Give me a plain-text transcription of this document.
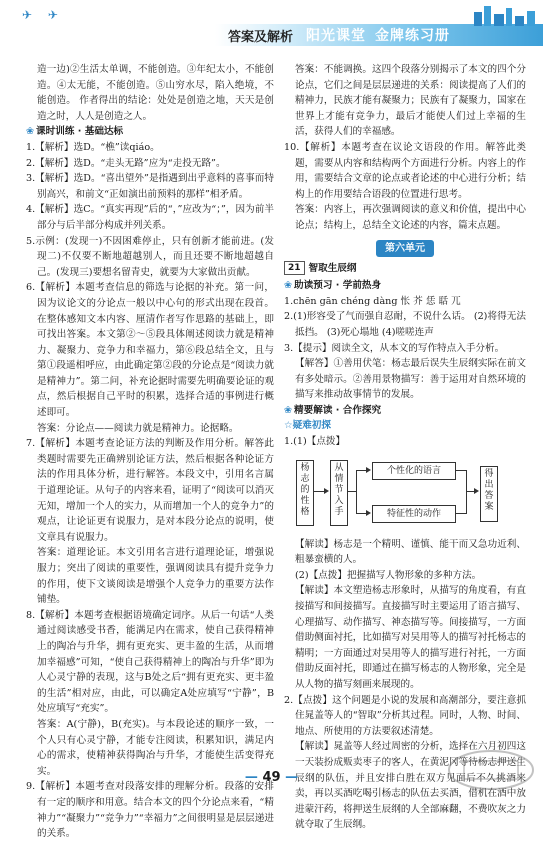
✈ ✈
答案及解析 阳光课堂 金牌练习册

造一边)②生活太单调，不能创造。③年纪太小，不能创造。④太无能，不能创造。⑤山穷水尽，陷入绝境，不能创造。 作者得出的结论：处处是创造之地，天天是创造之时，人人是创造之人。

❀ 课时训练 · 基础达标

1.【解析】选D。“樵”读qiáo。

2.【解析】选D。“走头无路”应为“走投无路”。

3.【解析】选D。“喜出望外”是指遇到出乎意料的喜事而特别高兴，和前文“正如演出前预料的那样”相矛盾。

4.【解析】选C。“真实再现”后的“，”应改为“；”，因为前半部分与后半部分构成并列关系。

5.示例：(发现一)不因困难停止，只有创新才能前进。(发现二)不仅要不断地超越别人，而且还要不断地超越自己。(发现三)要想名留青史，就要为大家做出贡献。

6.【解析】本题考查信息的筛选与论据的补充。第一问，因为议论文的分论点一般以中心句的形式出现在段首。在整体感知文本内容、厘清作者写作思路的基础上，即可找出答案。本文第②～⑤段具体阐述阅读力就是精神力、凝聚力、竞争力和幸福力，第⑥段总结全文，且与第①段遥相呼应，由此确定第②段的分论点是“阅读力就是精神力”。第二问，补充论据时需要先明确要论证的观点，然后根据自己平时的积累，选择合适的事例进行概述即可。

答案：分论点——阅读力就是精神力。论据略。

7.【解析】本题考查论证方法的判断及作用分析。解答此类题时需要先正确辨别论证方法，然后根据各种论证方法的作用具体分析，进行解答。本段文中，引用名言属于道理论证。从句子的内容来看，证明了“阅读可以消灭无知，增加一个人的实力，从而增加一个人的竞争力”的观点，让论证更有说服力，是对本段分论点的说明，使文章具有说服力。

答案：道理论证。本文引用名言进行道理论证，增强说服力；突出了阅读的重要性，强调阅读具有提升竞争力的作用，使下文谈阅读是增强个人竞争力的重要方法作铺垫。

8.【解析】本题考查根据语境确定词序。从后一句话“人类通过阅读感受书香，能满足内在需求，使自己获得精神上的陶冶与升华，拥有更充实、更丰盈的生活，从而增加幸福感”可知，“使自己获得精神上的陶冶与升华”即为人心灵宁静的表现，这与B处之后“拥有更充实、更丰盈的生活”相对应，由此，可以确定A处应填写“宁静”，B处应填写“充实”。

答案：A(宁静)，B(充实)。与本段论述的顺序一致，一个人只有心灵宁静，才能专注阅读，积累知识，满足内心的需求，使精神获得陶冶与升华，才能使生活变得充实。

9.【解析】本题考查对段落安排的理解分析。段落的安排有一定的顺序和用意。结合本文的四个分论点来看，“精神力”“凝聚力”“竞争力”“幸福力”之间很明显是层层递进的关系。

答案：不能调换。这四个段落分别揭示了本文的四个分论点，它们之间是层层递进的关系：阅读提高了人们的精神力，民族才能有凝聚力；民族有了凝聚力，国家在世界上才能有竞争力，最后才能使人们过上幸福的生活，获得人们的幸福感。

10.【解析】本题考查在议论文语段的作用。解答此类题，需要从内容和结构两个方面进行分析。内容上的作用，需要结合文章的论点或者论述的中心进行分析；结构上的作用要结合语段的位置进行思考。

答案：内容上，再次强调阅读的意义和价值，提出中心论点；结构上，总结全文论述的内容，篇末点题。

第六单元
21 智取生辰纲

❀ 助读预习 · 学前热身

1.chēn gān chéng dàng 怅 芥 恁 聒 兀

2.(1)形容受了气而强自忍耐，不说什么话。 (2)将得无法抵挡。 (3)死心塌地 (4)嗟嗟连声

3.【提示】阅读全文，从本文的写作特点入手分析。

【解答】①善用伏笔：杨志最后误失生辰纲实际在前文有多处暗示。②善用景物描写：善于运用对自然环境的描写来推动故事情节的发展。

❀ 精要解读 · 合作探究

☆疑难初探

1.(1)【点拨】

杨志的性格
从情节入手
个性化的语言
特征性的动作
得出答案

【解读】杨志是一个精明、谨慎、能干而又急功近利、粗暴蛮横的人。

(2)【点拨】把握描写人物形象的多种方法。

【解读】本文塑造杨志形象时，从描写的角度看，有直接描写和间接描写。直接描写时主要运用了语言描写、心理描写、动作描写、神态描写等。间接描写，一方面借助侧面衬托，比如描写对吴用等人的描写衬托杨志的精明；一方面通过对吴用等人的描写进行衬托，一方面借助反面衬托，即通过在描写杨志的人物形象，完全是从人物的描写刻画来展现的。

2.【点拨】这个问题是小说的发展和高潮部分，要注意抓住晁盖等人的“智取”分析其过程。同时，人物、时间、地点、所使用的方法要叙述清楚。

【解读】晁盖等人经过周密的分析，选择在六月初四这一天装扮成贩卖枣子的客人，在黄泥冈等待杨志押送生辰纲的队伍，并且安排白胜在双方见面后不久挑酒来卖，再以买酒吃喝引杨志的队伍去买酒，借机在酒中放进蒙汗药，将押送生辰纲的人全部麻翻，不费吹灰之力就夺取了生辰纲。

— 49 —
